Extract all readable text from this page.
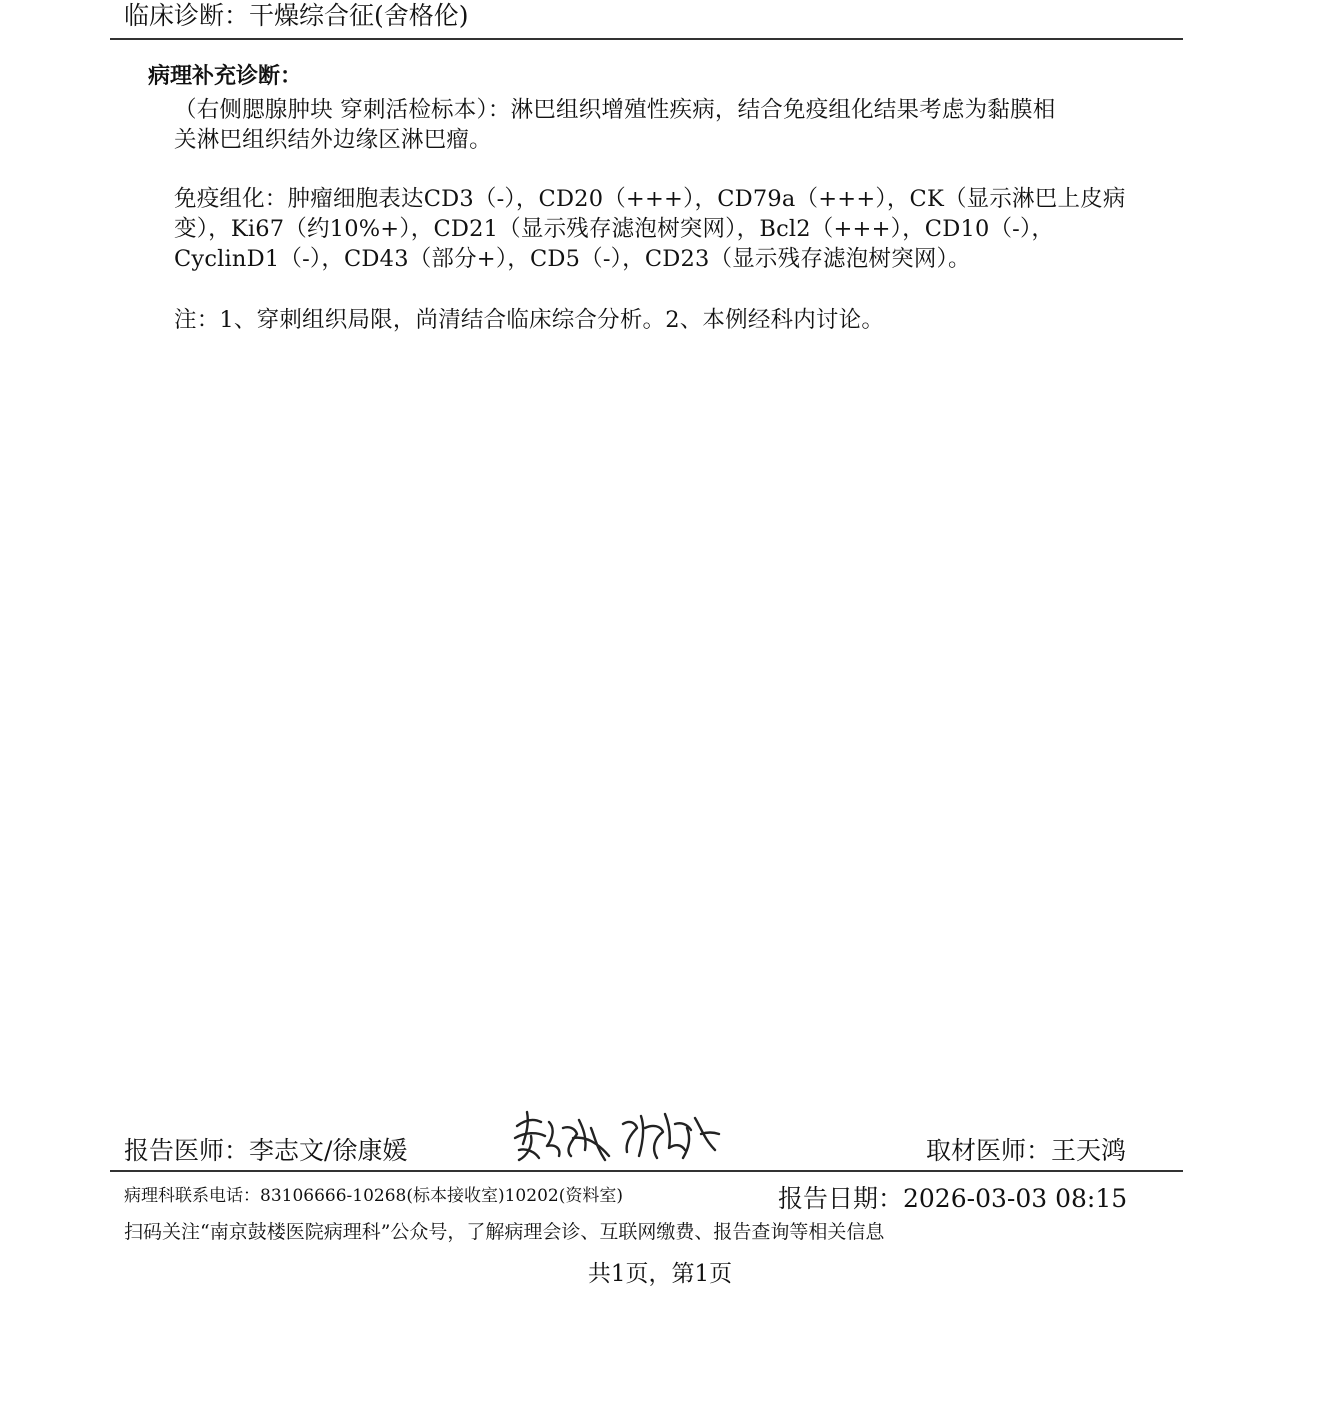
临床诊断：干燥综合征(舍格伦)
病理补充诊断：
（右侧腮腺肿块 穿刺活检标本）：淋巴组织增殖性疾病，结合免疫组化结果考虑为黏膜相
关淋巴组织结外边缘区淋巴瘤。
免疫组化：肿瘤细胞表达CD3（-），CD20（+++），CD79a（+++），CK（显示淋巴上皮病
变），Ki67（约10%+），CD21（显示残存滤泡树突网），Bcl2（+++），CD10（-），
CyclinD1（-），CD43（部分+），CD5（-），CD23（显示残存滤泡树突网）。
注：1、穿刺组织局限，尚清结合临床综合分析。2、本例经科内讨论。
报告医师：李志文/徐康媛	取材医师：王天鸿
病理科联系电话：83106666-10268(标本接收室)10202(资料室)	报告日期：2026-03-03 08:15
扫码关注“南京鼓楼医院病理科”公众号，了解病理会诊、互联网缴费、报告查询等相关信息
共1页，第1页
